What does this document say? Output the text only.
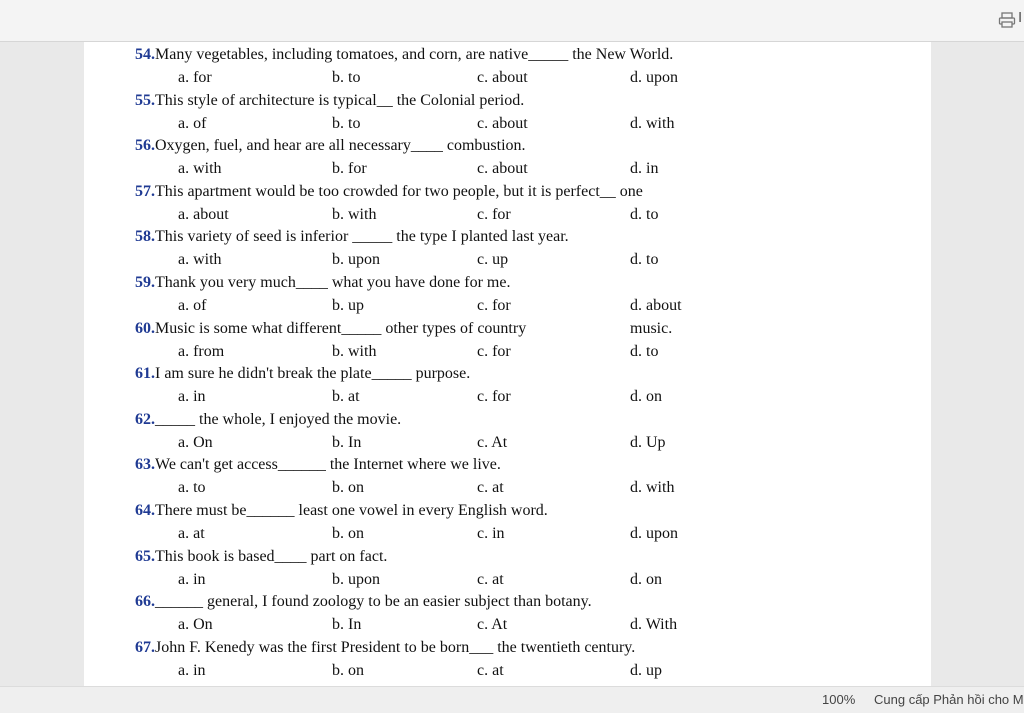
I
54.Many vegetables, including tomatoes, and corn, are native_____ the New World.
a. for	b. to	c. about	d. upon
55.This style of architecture is typical__ the Colonial period.
a. of	b. to	c. about	d. with
56.Oxygen, fuel, and hear are all necessary____ combustion.
a. with	b. for	c. about	d. in
57.This apartment would be too crowded for two people, but it is perfect__ one
a. about	b. with	c. for	d. to
58.This variety of seed is inferior _____ the type I planted last year.
a. with	b. upon	c. up	d. to
59.Thank you very much____ what you have done for me.
a. of	b. up	c. for	d. about
60.Music is some what different_____ other types of country	music.
a. from	b. with	c. for	d. to
61.I am sure he didn't break the plate_____ purpose.
a. in	b. at	c. for	d. on
62._____ the whole, I enjoyed the movie.
a. On	b. In	c. At	d. Up
63.We can't get access______ the Internet where we live.
a. to	b. on	c. at	d. with
64.There must be______ least one vowel in every English word.
a. at	b. on	c. in	d. upon
65.This book is based____ part on fact.
a. in	b. upon	c. at	d. on
66.______ general, I found zoology to be an easier subject than botany.
a. On	b. In	c. At	d. With
67.John F. Kenedy was the first President to be born___ the twentieth century.
a. in	b. on	c. at	d. up
100% Cung cấp Phản hồi cho M
